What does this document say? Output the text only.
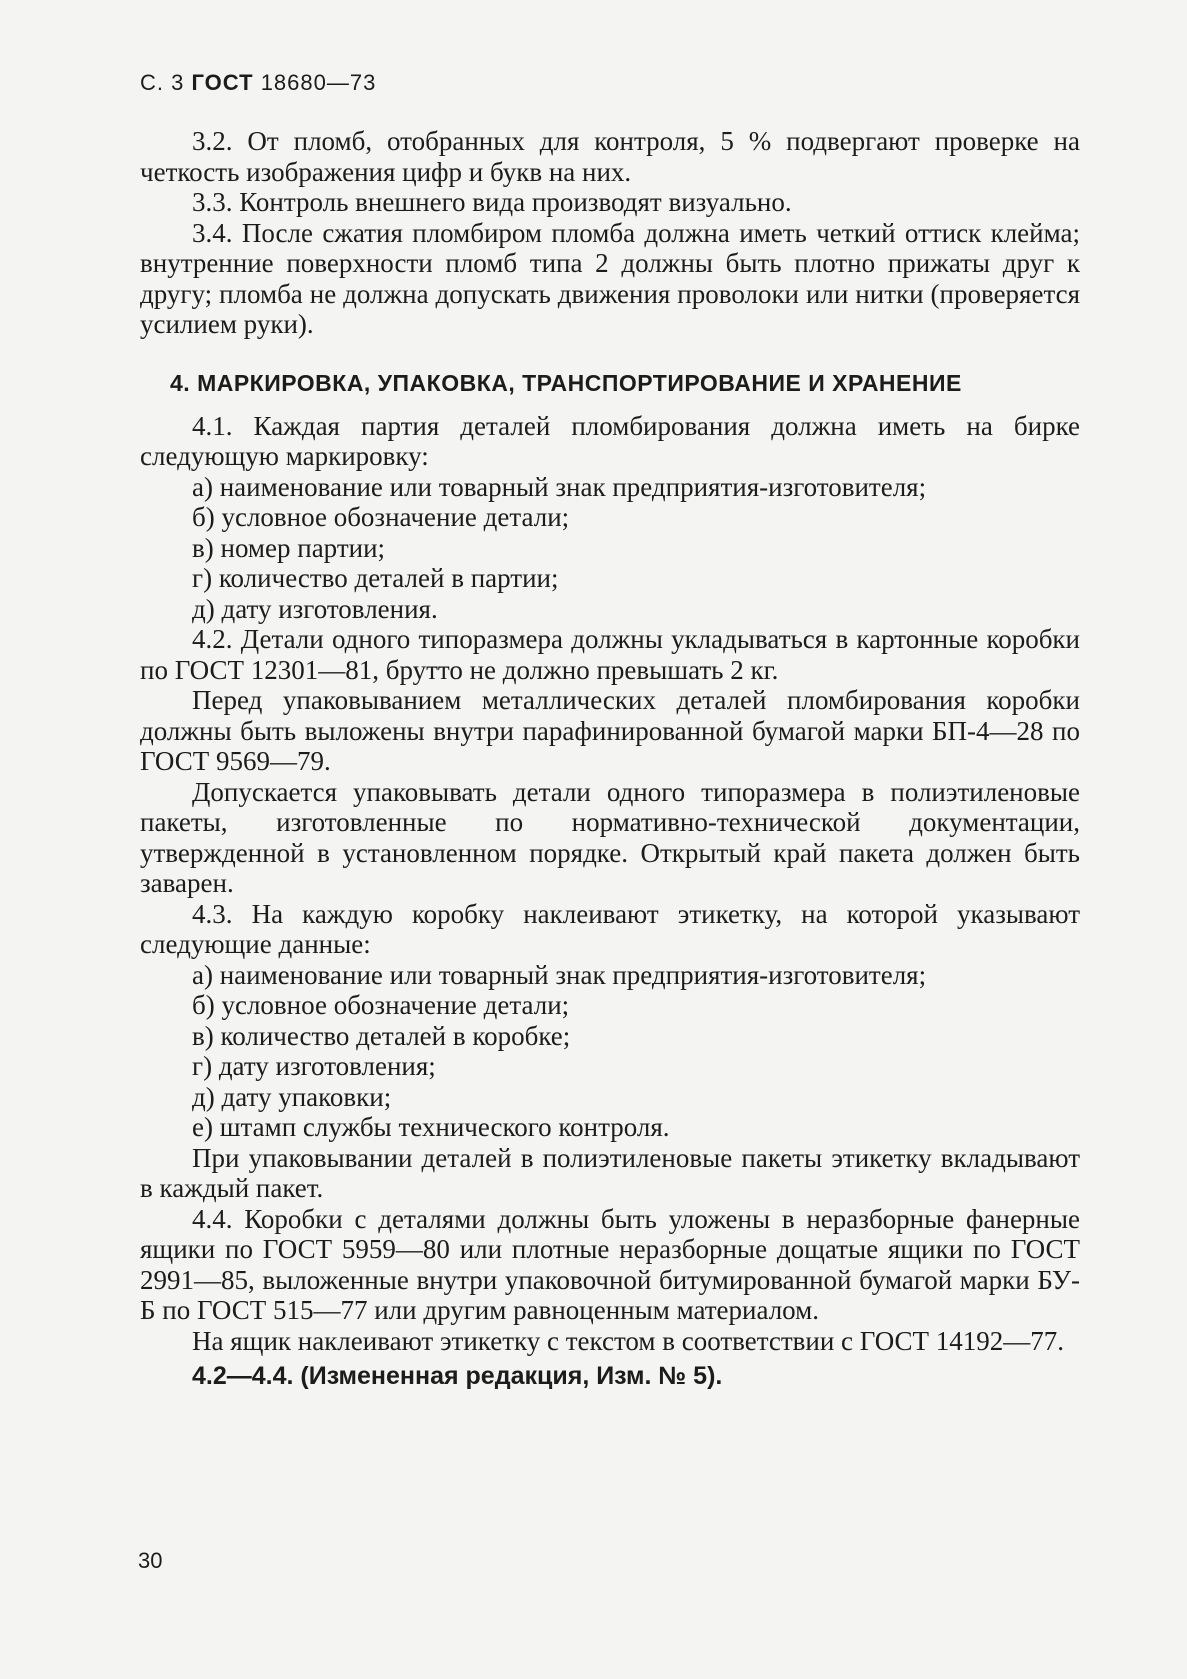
С. 3 ГОСТ 18680—73

3.2. От пломб, отобранных для контроля, 5 % подвергают проверке на четкость изображения цифр и букв на них.

3.3. Контроль внешнего вида производят визуально.

3.4. После сжатия пломбиром пломба должна иметь четкий оттиск клейма; внутренние поверхности пломб типа 2 должны быть плотно прижаты друг к другу; пломба не должна допускать движения проволоки или нитки (проверяется усилием руки).

4. МАРКИРОВКА, УПАКОВКА, ТРАНСПОРТИРОВАНИЕ И ХРАНЕНИЕ

4.1. Каждая партия деталей пломбирования должна иметь на бирке следующую маркировку:

а) наименование или товарный знак предприятия-изготовителя;

б) условное обозначение детали;

в) номер партии;

г) количество деталей в партии;

д) дату изготовления.

4.2. Детали одного типоразмера должны укладываться в картонные коробки по ГОСТ 12301—81, брутто не должно превышать 2 кг.

Перед упаковыванием металлических деталей пломбирования коробки должны быть выложены внутри парафинированной бумагой марки БП-4—28 по ГОСТ 9569—79.

Допускается упаковывать детали одного типоразмера в полиэтиленовые пакеты, изготовленные по нормативно-технической документации, утвержденной в установленном порядке. Открытый край пакета должен быть заварен.

4.3. На каждую коробку наклеивают этикетку, на которой указывают следующие данные:

а) наименование или товарный знак предприятия-изготовителя;

б) условное обозначение детали;

в) количество деталей в коробке;

г) дату изготовления;

д) дату упаковки;

е) штамп службы технического контроля.

При упаковывании деталей в полиэтиленовые пакеты этикетку вкладывают в каждый пакет.

4.4. Коробки с деталями должны быть уложены в неразборные фанерные ящики по ГОСТ 5959—80 или плотные неразборные дощатые ящики по ГОСТ 2991—85, выложенные внутри упаковочной битумированной бумагой марки БУ-Б по ГОСТ 515—77 или другим равноценным материалом.

На ящик наклеивают этикетку с текстом в соответствии с ГОСТ 14192—77.

4.2—4.4. (Измененная редакция, Изм. № 5).
30
